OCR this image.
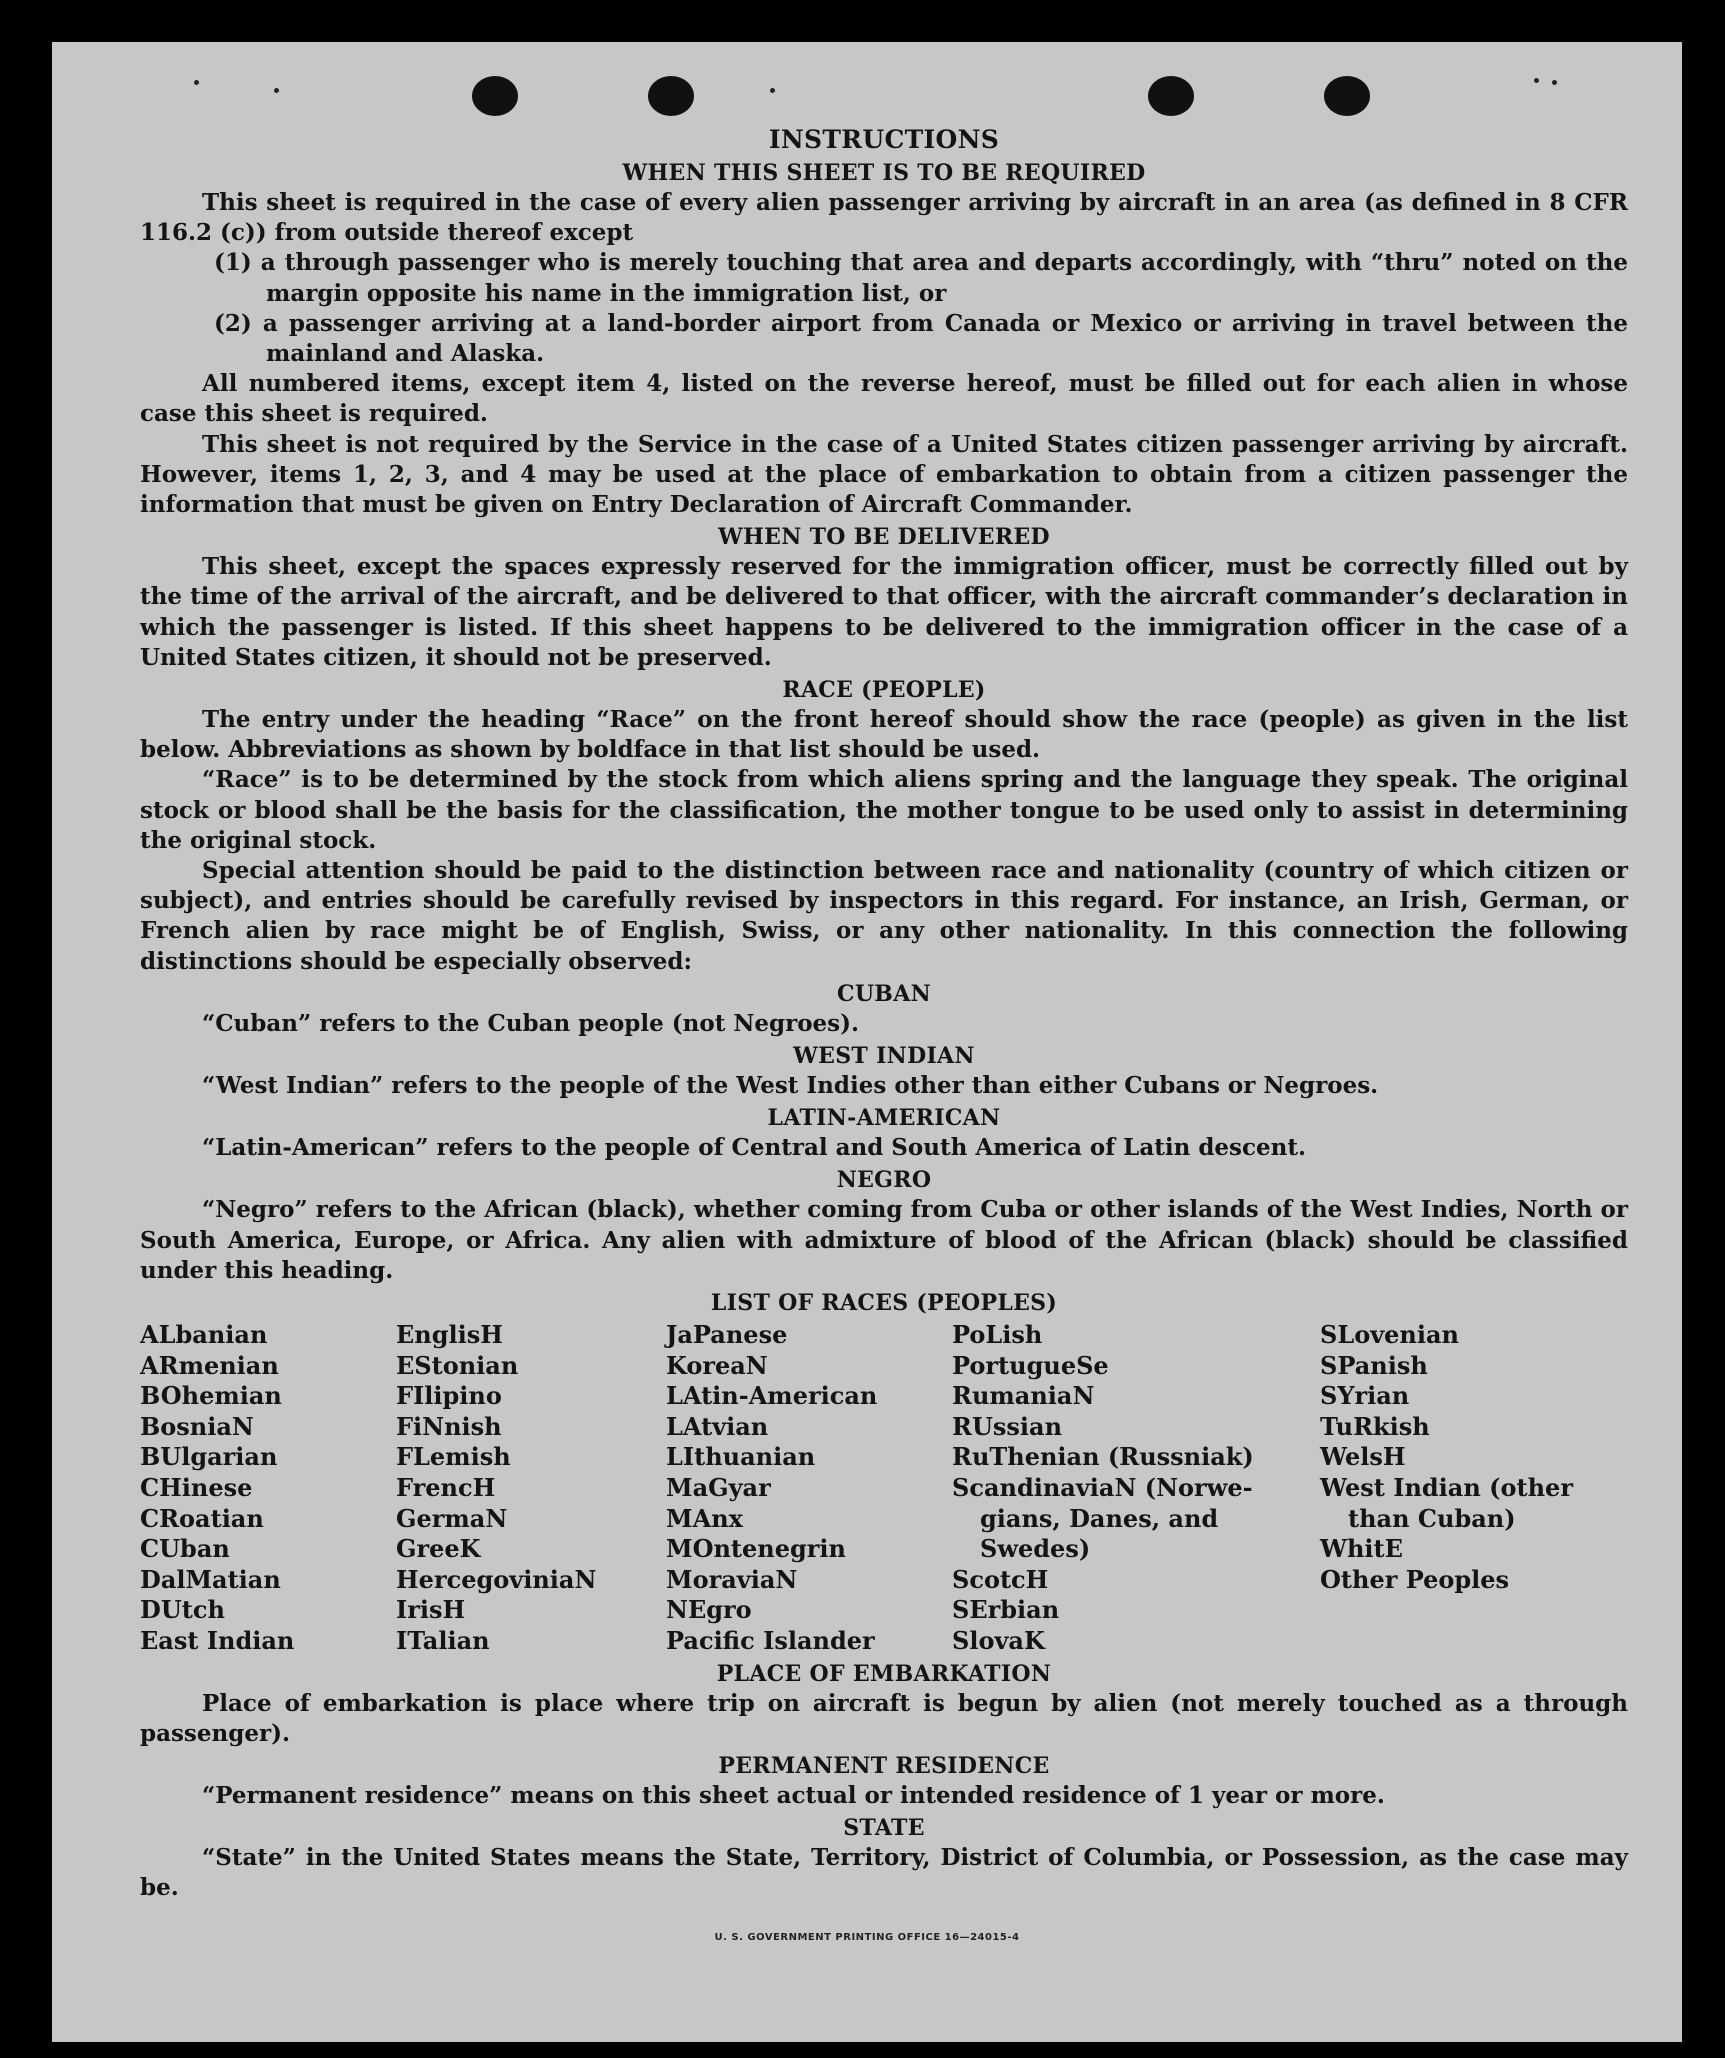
INSTRUCTIONS
WHEN THIS SHEET IS TO BE REQUIRED

This sheet is required in the case of every alien passenger arriving by aircraft in an area (as defined in 8 CFR 116.2 (c)) from outside thereof except

(1) a through passenger who is merely touching that area and departs accordingly, with “thru” noted on the margin opposite his name in the immigration list, or

(2) a passenger arriving at a land-border airport from Canada or Mexico or arriving in travel between the mainland and Alaska.

All numbered items, except item 4, listed on the reverse hereof, must be filled out for each alien in whose case this sheet is required.

This sheet is not required by the Service in the case of a United States citizen passenger arriving by aircraft. However, items 1, 2, 3, and 4 may be used at the place of embarkation to obtain from a citizen passenger the information that must be given on Entry Declaration of Aircraft Commander.

WHEN TO BE DELIVERED

This sheet, except the spaces expressly reserved for the immigration officer, must be correctly filled out by the time of the arrival of the aircraft, and be delivered to that officer, with the aircraft commander’s declaration in which the passenger is listed. If this sheet happens to be delivered to the immigration officer in the case of a United States citizen, it should not be preserved.

RACE (PEOPLE)

The entry under the heading “Race” on the front hereof should show the race (people) as given in the list below. Abbreviations as shown by boldface in that list should be used.

“Race” is to be determined by the stock from which aliens spring and the language they speak. The original stock or blood shall be the basis for the classification, the mother tongue to be used only to assist in determining the original stock.

Special attention should be paid to the distinction between race and nationality (country of which citizen or subject), and entries should be carefully revised by inspectors in this regard. For instance, an Irish, German, or French alien by race might be of English, Swiss, or any other nationality. In this connection the following distinctions should be especially observed:

CUBAN

“Cuban” refers to the Cuban people (not Negroes).

WEST INDIAN

“West Indian” refers to the people of the West Indies other than either Cubans or Negroes.

LATIN-AMERICAN

“Latin-American” refers to the people of Central and South America of Latin descent.

NEGRO

“Negro” refers to the African (black), whether coming from Cuba or other islands of the West Indies, North or South America, Europe, or Africa. Any alien with admixture of blood of the African (black) should be classified under this heading.

LIST OF RACES (PEOPLES)
ALbanian
ARmenian
BOhemian
BosniaN
BUlgarian
CHinese
CRoatian
CUban
DalMatian
DUtch
East Indian
EnglisH
EStonian
FIlipino
FiNnish
FLemish
FrencH
GermaN
GreeK
HercegoviniaN
IrisH
ITalian
JaPanese
KoreaN
LAtin-American
LAtvian
LIthuanian
MaGyar
MAnx
MOntenegrin
MoraviaN
NEgro
Pacific Islander
PoLish
PortugueSe
RumaniaN
RUssian
RuThenian (Russniak)
ScandinaviaN (Norwe-
gians, Danes, and
Swedes)
ScotcH
SErbian
SlovaK
SLovenian
SPanish
SYrian
TuRkish
WelsH
West Indian (other
than Cuban)
WhitE
Other Peoples
PLACE OF EMBARKATION

Place of embarkation is place where trip on aircraft is begun by alien (not merely touched as a through passenger).

PERMANENT RESIDENCE

“Permanent residence” means on this sheet actual or intended residence of 1 year or more.

STATE

“State” in the United States means the State, Territory, District of Columbia, or Possession, as the case may be.

U. S. GOVERNMENT PRINTING OFFICE 16—24015-4
